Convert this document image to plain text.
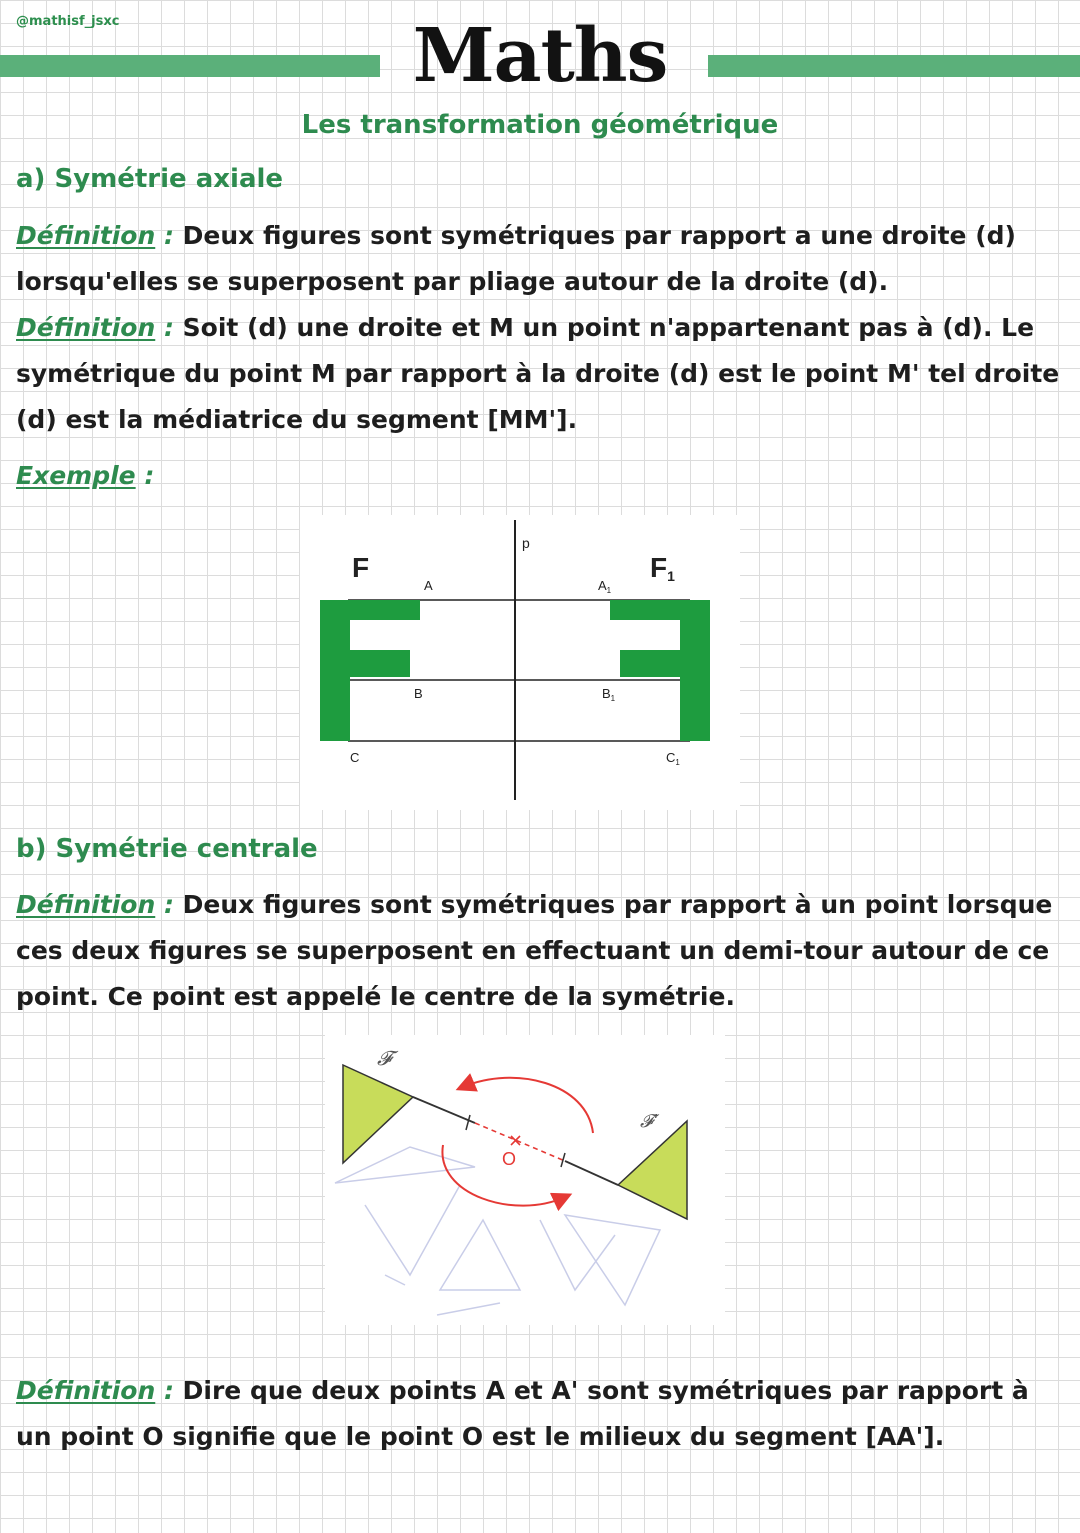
@mathisf_jsxc	Maths
Les transformation géométrique
a) Symétrie axiale
Définition : Deux figures sont symétriques par rapport a une droite (d) lorsqu'elles se superposent par pliage autour de la droite (d).
Définition : Soit (d) une droite et M un point n'appartenant pas à (d). Le symétrique du point M par rapport à la droite (d) est le point M' tel droite (d) est la médiatrice du segment [MM'].
Exemple :
F	F1
p
A	$A_1$
B	$B_1$
C	$C_1$
b) Symétrie centrale
Définition : Deux figures sont symétriques par rapport à un point lorsque ces deux figures se superposent en effectuant un demi-tour autour de ce point. Ce point est appelé le centre de la symétrie.
O
𝓕
𝓕'
Définition : Dire que deux points A et A' sont symétriques par rapport à un point O signifie que le point O est le milieux du segment [AA'].
